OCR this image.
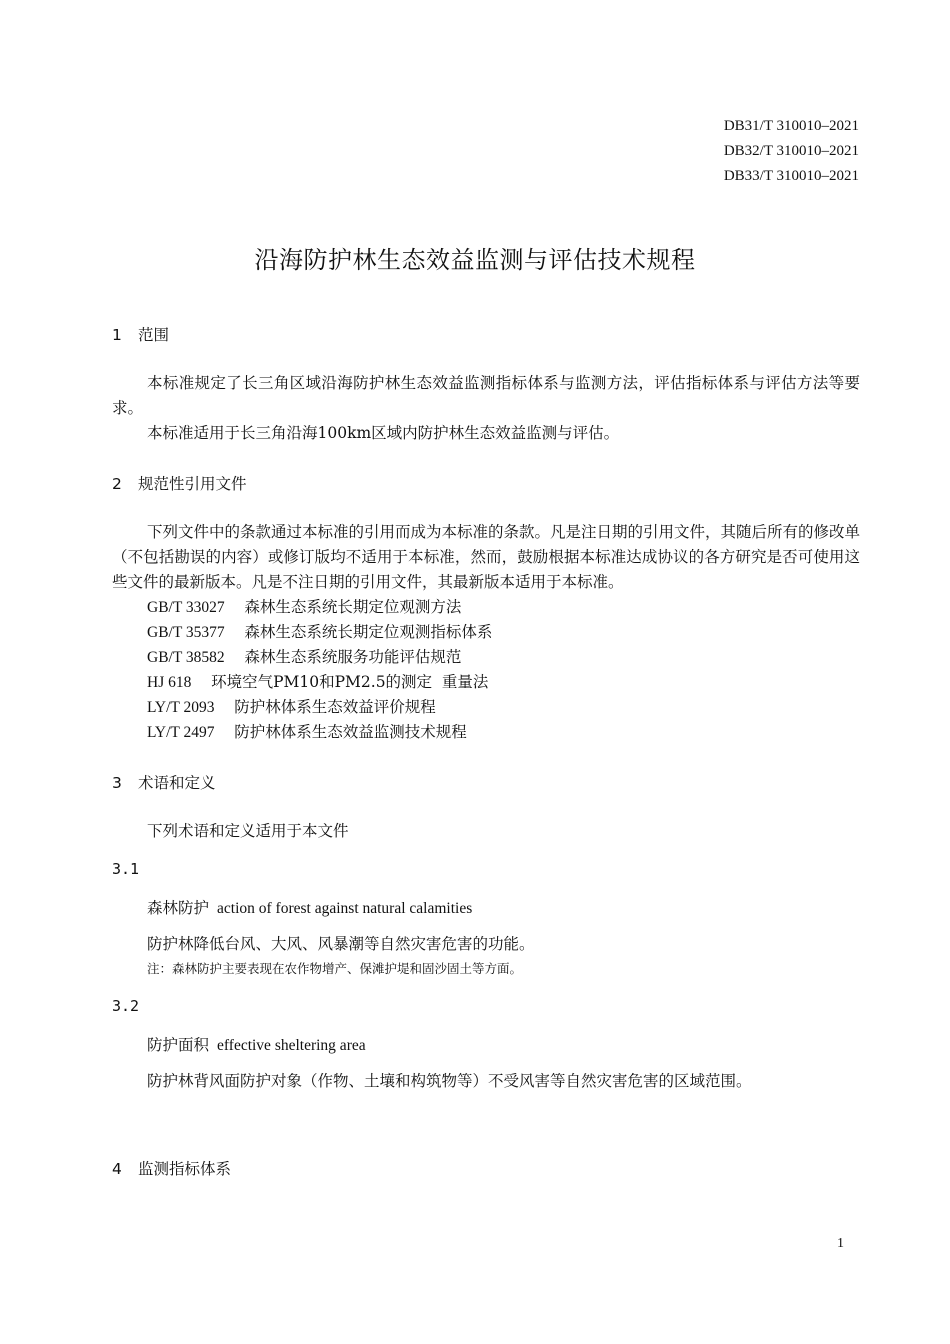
DB31/T 310010–2021
DB32/T 310010–2021
DB33/T 310010–2021
沿海防护林生态效益监测与评估技术规程
1 范围
本标准规定了长三角区域沿海防护林生态效益监测指标体系与监测方法，评估指标体系与评估方法等要求。
本标准适用于长三角沿海100km区域内防护林生态效益监测与评估。
2 规范性引用文件
下列文件中的条款通过本标准的引用而成为本标准的条款。凡是注日期的引用文件，其随后所有的修改单（不包括勘误的内容）或修订版均不适用于本标准，然而，鼓励根据本标准达成协议的各方研究是否可使用这些文件的最新版本。凡是不注日期的引用文件，其最新版本适用于本标准。
GB/T 33027 森林生态系统长期定位观测方法
GB/T 35377 森林生态系统长期定位观测指标体系
GB/T 38582 森林生态系统服务功能评估规范
HJ 618 环境空气PM10和PM2.5的测定  重量法
LY/T 2093 防护林体系生态效益评价规程
LY/T 2497 防护林体系生态效益监测技术规程
3 术语和定义
下列术语和定义适用于本文件
3.1
森林防护 action of forest against natural calamities
防护林降低台风、大风、风暴潮等自然灾害危害的功能。
注：森林防护主要表现在农作物增产、保滩护堤和固沙固土等方面。
3.2
防护面积 effective sheltering area
防护林背风面防护对象（作物、土壤和构筑物等）不受风害等自然灾害危害的区域范围。
4 监测指标体系
1
